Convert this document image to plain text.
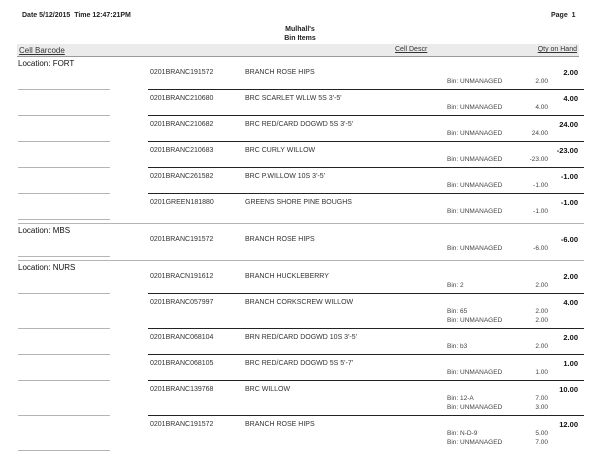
Date 5/12/2015 Time 12:47:21PM	Page 1
Mulhall's
Bin Items
Cell Barcode	Cell Descr	Qty on Hand
Location: FORT
0201BRANC191572	BRANCH ROSE HIPS	2.00
Bin: UNMANAGED	2.00
0201BRANC210680	BRC SCARLET WLLW 5S 3'-5'	4.00
Bin: UNMANAGED	4.00
0201BRANC210682	BRC RED/CARD DOGWD 5S 3'-5'	24.00
Bin: UNMANAGED	24.00
0201BRANC210683	BRC CURLY WILLOW	-23.00
Bin: UNMANAGED	-23.00
0201BRANC261582	BRC P.WILLOW 10S 3'-5'	-1.00
Bin: UNMANAGED	-1.00
0201GREEN181880	GREENS SHORE PINE BOUGHS	-1.00
Bin: UNMANAGED	-1.00
Location: MBS
0201BRANC191572	BRANCH ROSE HIPS	-6.00
Bin: UNMANAGED	-6.00
Location: NURS
0201BRACN191612	BRANCH HUCKLEBERRY	2.00
Bin: 2	2.00
0201BRANC057997	BRANCH CORKSCREW WILLOW	4.00
Bin: 65	2.00
Bin: UNMANAGED	2.00
0201BRANC068104	BRN RED/CARD DOGWD 10S 3'-5'	2.00
Bin: b3	2.00
0201BRANC068105	BRC RED/CARD DOGWD 5S 5'-7'	1.00
Bin: UNMANAGED	1.00
0201BRANC139768	BRC WILLOW	10.00
Bin: 12-A	7.00
Bin: UNMANAGED	3.00
0201BRANC191572	BRANCH ROSE HIPS	12.00
Bin: N-D-9	5.00
Bin: UNMANAGED	7.00
